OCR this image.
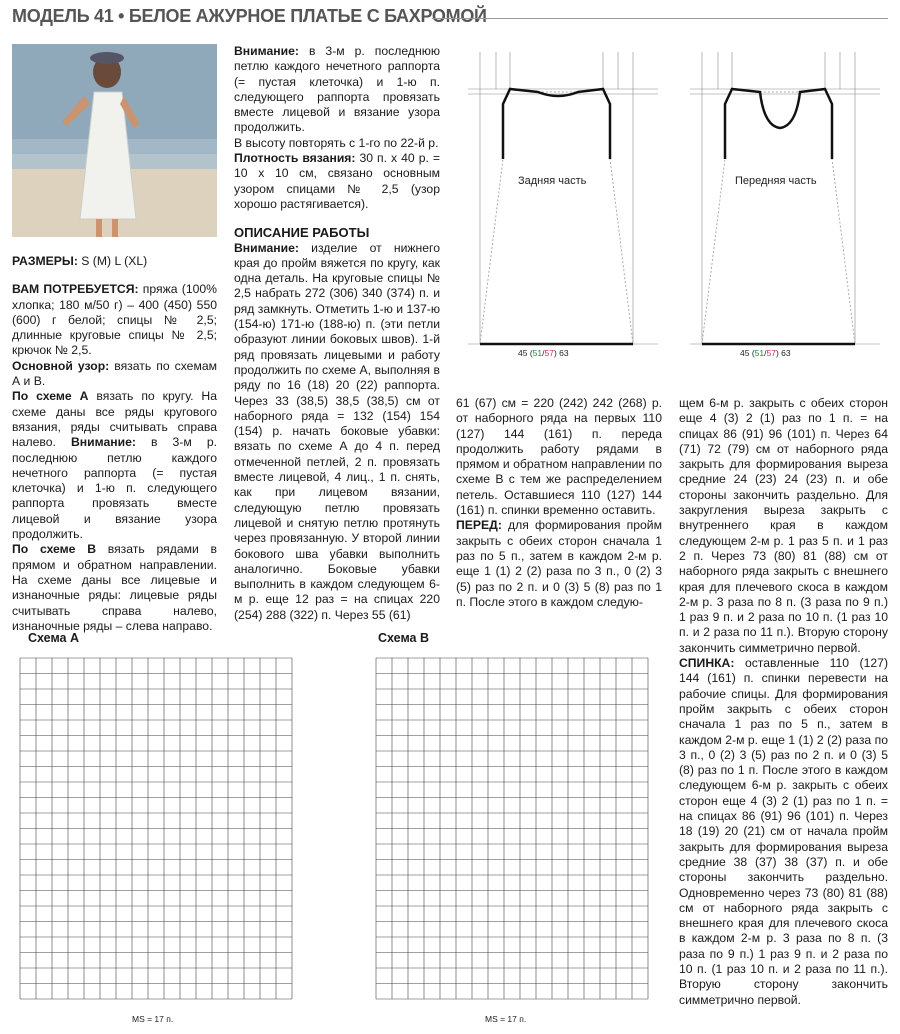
МОДЕЛЬ 41 • БЕЛОЕ АЖУРНОЕ ПЛАТЬЕ С БАХРОМОЙ

РАЗМЕРЫ: S (M) L (XL)

ВАМ ПОТРЕБУЕТСЯ: пряжа (100% хлопка; 180 м/50 г) – 400 (450) 550 (600) г белой; спицы № 2,5; длинные круговые спицы № 2,5; крючок № 2,5.

Основной узор: вязать по схемам А и В.

По схеме А вязать по кругу. На схеме даны все ряды кругового вязания, ряды считывать справа налево. Внимание: в 3-м р. последнюю петлю каждого нечетного раппорта (= пустая клеточка) и 1-ю п. следующего раппорта провязать вместе лицевой и вязание узора продолжить.

По схеме В вязать рядами в прямом и обратном направлении. На схеме даны все лицевые и изнаночные ряды: лицевые ряды считывать справа налево, изнаночные ряды – слева направо.

Внимание: в 3-м р. последнюю петлю каждого нечетного раппорта (= пустая клеточка) и 1-ю п. следующего раппорта провязать вместе лицевой и вязание узора продолжить.

В высоту повторять с 1-го по 22-й р.

Плотность вязания: 30 п. х 40 р. = 10 х 10 см, связано основным узором спицами № 2,5 (узор хорошо растягивается).

ОПИСАНИЕ РАБОТЫ

Внимание: изделие от нижнего края до пройм вяжется по кругу, как одна деталь. На круговые спицы № 2,5 набрать 272 (306) 340 (374) п. и ряд замкнуть. Отметить 1-ю и 137-ю (154-ю) 171-ю (188-ю) п. (эти петли образуют линии боковых швов). 1-й ряд провязать лицевыми и работу продолжить по схеме А, выполняя в ряду по 16 (18) 20 (22) раппорта. Через 33 (38,5) 38,5 (38,5) см от наборного ряда = 132 (154) 154 (154) р. начать боковые убавки: вязать по схеме А до 4 п. перед отмеченной петлей, 2 п. провязать вместе лицевой, 4 лиц., 1 п. снять, как при лицевом вязании, следующую петлю провязать лицевой и снятую петлю протянуть через провязанную. У второй линии бокового шва убавки выполнить аналогично. Боковые убавки выполнить в каждом следующем 6-м р. еще 12 раз = на спицах 220 (254) 288 (322) п. Через 55 (61)

61 (67) см = 220 (242) 242 (268) р. от наборного ряда на первых 110 (127) 144 (161) п. переда продолжить работу рядами в прямом и обратном направлении по схеме В с тем же распределением петель. Оставшиеся 110 (127) 144 (161) п. спинки временно оставить.

ПЕРЕД: для формирования пройм закрыть с обеих сторон сначала 1 раз по 5 п., затем в каждом 2-м р. еще 1 (1) 2 (2) раза по 3 п., 0 (2) 3 (5) раз по 2 п. и 0 (3) 5 (8) раз по 1 п. После этого в каждом следую-

щем 6-м р. закрыть с обеих сторон еще 4 (3) 2 (1) раз по 1 п. = на спицах 86 (91) 96 (101) п. Через 64 (71) 72 (79) см от наборного ряда закрыть для формирования выреза средние 24 (23) 24 (23) п. и обе стороны закончить раздельно. Для закругления выреза закрыть с внутреннего края в каждом следующем 2-м р. 1 раз 5 п. и 1 раз 2 п. Через 73 (80) 81 (88) см от наборного ряда закрыть с внешнего края для плечевого скоса в каждом 2-м р. 3 раза по 8 п. (3 раза по 9 п.) 1 раз 9 п. и 2 раза по 10 п. (1 раз 10 п. и 2 раза по 11 п.). Вторую сторону закончить симметрично первой.

СПИНКА: оставленные 110 (127) 144 (161) п. спинки перевести на рабочие спицы. Для формирования пройм закрыть с обеих сторон сначала 1 раз по 5 п., затем в каждом 2-м р. еще 1 (1) 2 (2) раза по 3 п., 0 (2) 3 (5) раз по 2 п. и 0 (3) 5 (8) раз по 1 п. После этого в каждом следующем 6-м р. закрыть с обеих сторон еще 4 (3) 2 (1) раз по 1 п. = на спицах 86 (91) 96 (101) п. Через 18 (19) 20 (21) см от начала пройм закрыть для формирования выреза средние 38 (37) 38 (37) п. и обе стороны закончить раздельно. Одновременно через 73 (80) 81 (88) см от наборного ряда закрыть с внешнего края для плечевого скоса в каждом 2-м р. 3 раза по 8 п. (3 раза по 9 п.) 1 раз 9 п. и 2 раза по 10 п. (1 раз 10 п. и 2 раза по 11 п.). Вторую сторону закончить симметрично первой.

Задняя часть
45 (51/57) 63
Передняя часть
45 (51/57) 63
Схема А
MS = 17 п.
Схема В
MS = 17 п.
